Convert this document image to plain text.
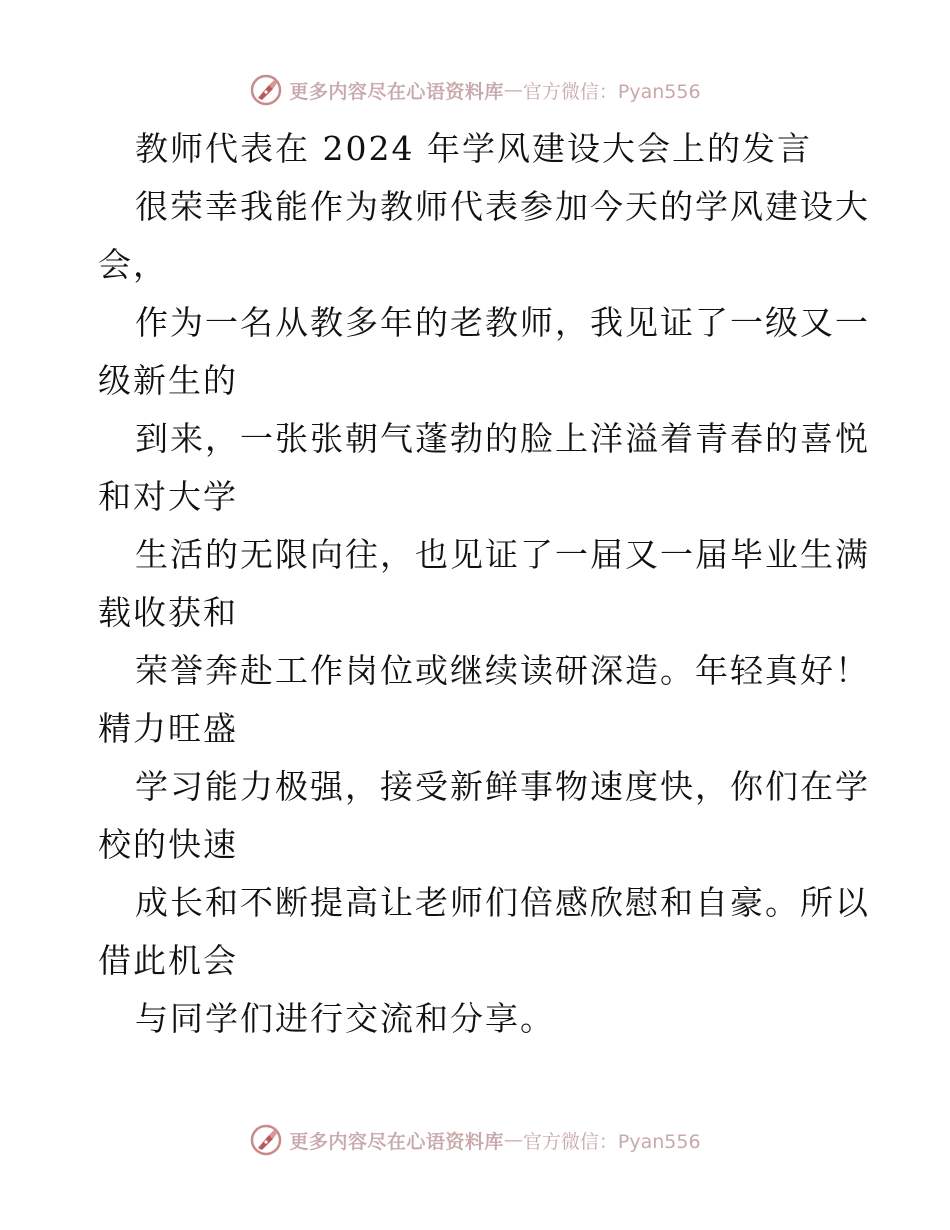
更多内容尽在心语资料库 — 官方微信：Pyan556
教师代表在 2024 年学风建设大会上的发言
很荣幸我能作为教师代表参加今天的学风建设大
会，
作为一名从教多年的老教师，我见证了一级又一
级新生的
到来，一张张朝气蓬勃的脸上洋溢着青春的喜悦
和对大学
生活的无限向往，也见证了一届又一届毕业生满
载收获和
荣誉奔赴工作岗位或继续读研深造。年轻真好！
精力旺盛
学习能力极强，接受新鲜事物速度快，你们在学
校的快速
成长和不断提高让老师们倍感欣慰和自豪。所以
借此机会
与同学们进行交流和分享。
更多内容尽在心语资料库 — 官方微信：Pyan556
